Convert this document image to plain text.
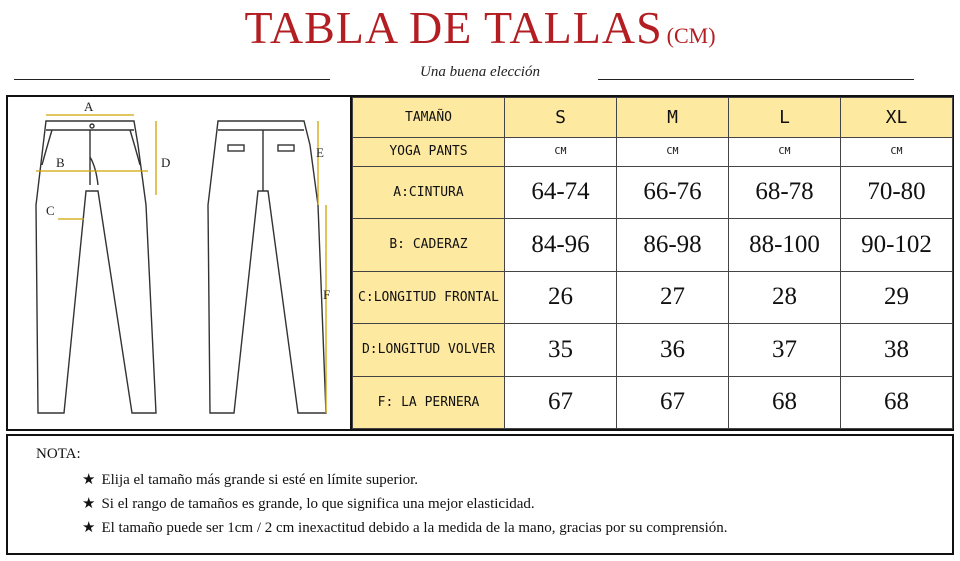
TABLA DE TALLAS (CM)
Una buena elección
A
B
C
D
E
F
TAMAÑO	S	M	L	XL
YOGA PANTS	CM	CM	CM	CM
A:CINTURA	64-74	66-76	68-78	70-80
B: CADERAZ	84-96	86-98	88-100	90-102
C:LONGITUD FRONTAL	26	27	28	29
D:LONGITUD VOLVER	35	36	37	38
F: LA PERNERA	67	67	68	68
NOTA:
★ Elija el tamaño más grande si esté en límite superior.
★ Si el rango de tamaños es grande, lo que significa una mejor elasticidad.
★ El tamaño puede ser 1cm / 2 cm inexactitud debido a la medida de la mano, gracias por su comprensión.
